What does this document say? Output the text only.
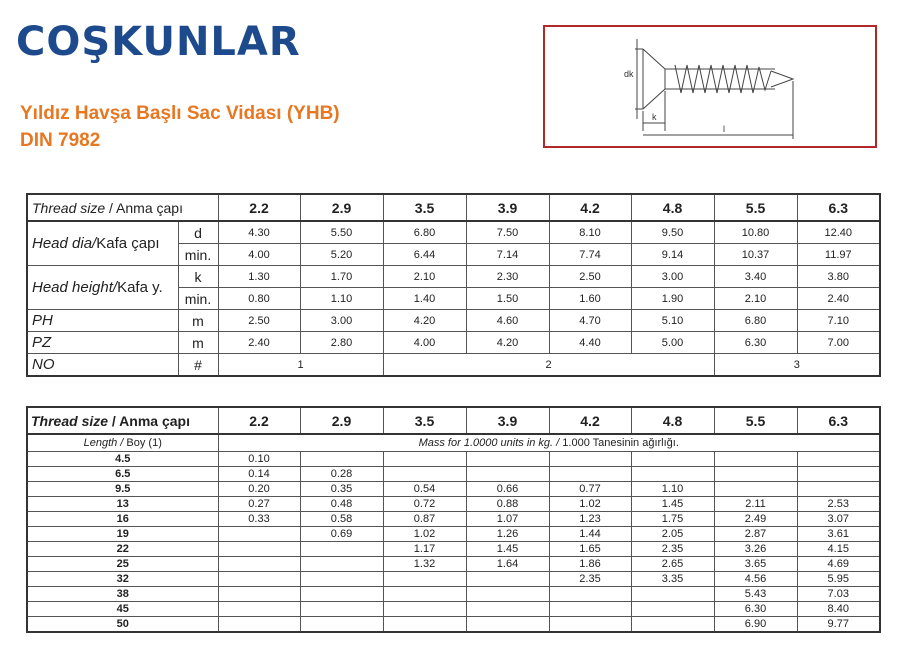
COŞKUNLAR
Yıldız Havşa Başlı Sac Vidası (YHB)
DIN 7982
dk
k
l
Thread size / Anma çapı		2.2	2.9	3.5	3.9	4.2	4.8	5.5	6.3
Head dia/Kafa çapı	d	4.30	5.50	6.80	7.50	8.10	9.50	10.80	12.40
	min.	4.00	5.20	6.44	7.14	7.74	9.14	10.37	11.97
Head height/Kafa y.	k	1.30	1.70	2.10	2.30	2.50	3.00	3.40	3.80
	min.	0.80	1.10	1.40	1.50	1.60	1.90	2.10	2.40
PH	m	2.50	3.00	4.20	4.60	4.70	5.10	6.80	7.10
PZ	m	2.40	2.80	4.00	4.20	4.40	5.00	6.30	7.00
NO	#	1		2				3	
Thread size / Anma çapı	2.2	2.9	3.5	3.9	4.2	4.8	5.5	6.3
Length / Boy (1)	Mass for 1.0000 units in kg. / 1.000 Tanesinin ağırlığı.							
4.5	0.10							
6.5	0.14	0.28						
9.5	0.20	0.35	0.54	0.66	0.77	1.10		
13	0.27	0.48	0.72	0.88	1.02	1.45	2.11	2.53
16	0.33	0.58	0.87	1.07	1.23	1.75	2.49	3.07
19		0.69	1.02	1.26	1.44	2.05	2.87	3.61
22			1.17	1.45	1.65	2.35	3.26	4.15
25			1.32	1.64	1.86	2.65	3.65	4.69
32					2.35	3.35	4.56	5.95
38							5.43	7.03
45							6.30	8.40
50							6.90	9.77
